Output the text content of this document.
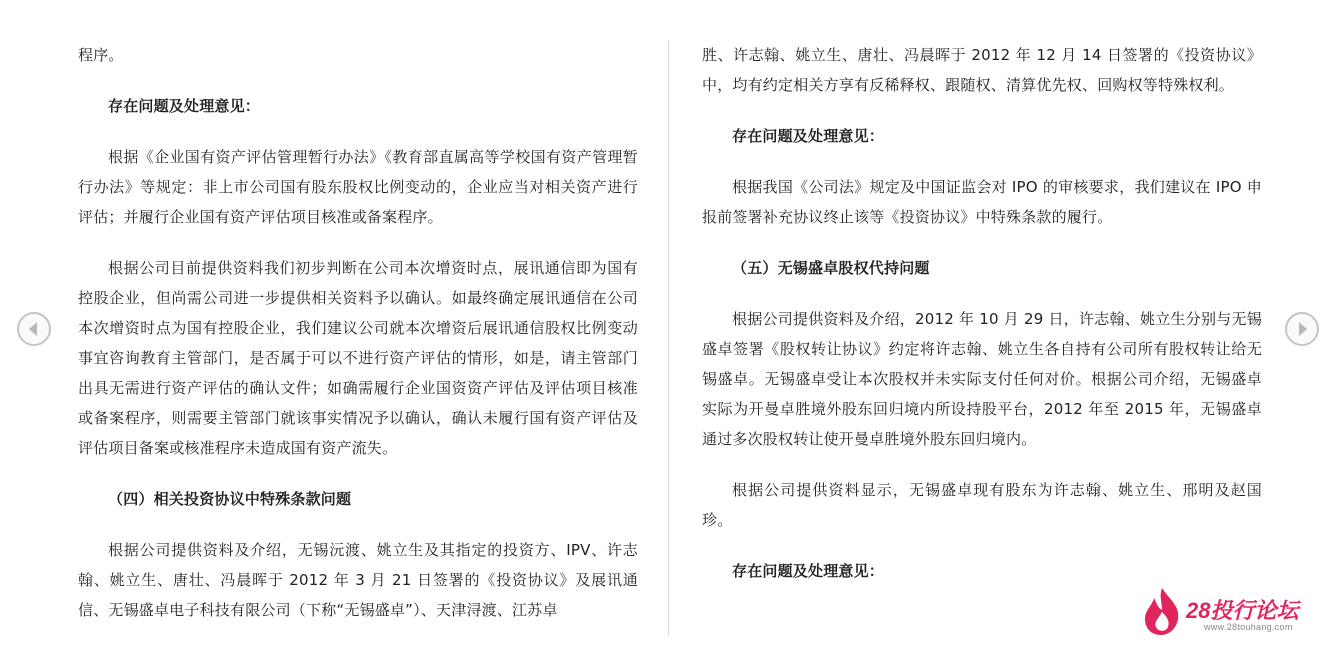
程序。

存在问题及处理意见：

根据《企业国有资产评估管理暂行办法》《教育部直属高等学校国有资产管理暂行办法》等规定：非上市公司国有股东股权比例变动的，企业应当对相关资产进行评估；并履行企业国有资产评估项目核准或备案程序。

根据公司目前提供资料我们初步判断在公司本次增资时点，展讯通信即为国有控股企业，但尚需公司进一步提供相关资料予以确认。如最终确定展讯通信在公司本次增资时点为国有控股企业，我们建议公司就本次增资后展讯通信股权比例变动事宜咨询教育主管部门，是否属于可以不进行资产评估的情形，如是，请主管部门出具无需进行资产评估的确认文件；如确需履行企业国资资产评估及评估项目核准或备案程序，则需要主管部门就该事实情况予以确认，确认未履行国有资产评估及评估项目备案或核准程序未造成国有资产流失。

（四）相关投资协议中特殊条款问题

根据公司提供资料及介绍，无锡沅渡、姚立生及其指定的投资方、IPV、许志翰、姚立生、唐壮、冯晨晖于 2012 年 3 月 21 日签署的《投资协议》及展讯通信、无锡盛卓电子科技有限公司（下称“无锡盛卓”）、天津浔渡、江苏卓

胜、许志翰、姚立生、唐壮、冯晨晖于 2012 年 12 月 14 日签署的《投资协议》中，均有约定相关方享有反稀释权、跟随权、清算优先权、回购权等特殊权利。

存在问题及处理意见：

根据我国《公司法》规定及中国证监会对 IPO 的审核要求，我们建议在 IPO 申报前签署补充协议终止该等《投资协议》中特殊条款的履行。

（五）无锡盛卓股权代持问题

根据公司提供资料及介绍，2012 年 10 月 29 日，许志翰、姚立生分别与无锡盛卓签署《股权转让协议》约定将许志翰、姚立生各自持有公司所有股权转让给无锡盛卓。无锡盛卓受让本次股权并未实际支付任何对价。根据公司介绍，无锡盛卓实际为开曼卓胜境外股东回归境内所设持股平台，2012 年至 2015 年，无锡盛卓通过多次股权转让使开曼卓胜境外股东回归境内。

根据公司提供资料显示，无锡盛卓现有股东为许志翰、姚立生、邢明及赵国珍。

存在问题及处理意见：

28投行论坛
www.28touhang.com
